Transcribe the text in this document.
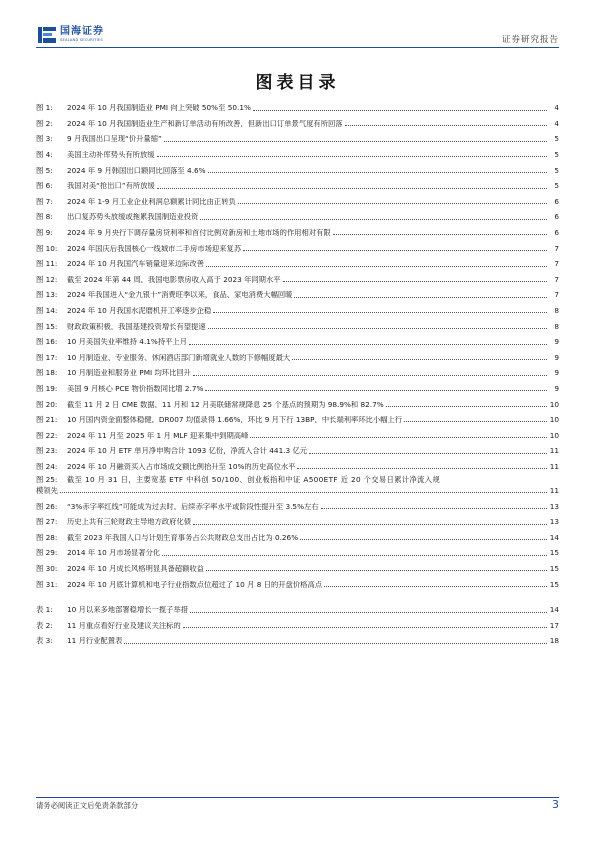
国海证券
SEALAND SECURITIES	证券研究报告
图表目录
图 1:	2024 年 10 月我国制造业 PMI 向上突破 50%至 50.1%	4
图 2:	2024 年 10 月我国制造业生产和新订单活动有所改善，但新出口订单景气度有所回落	4
图 3:	9 月我国出口呈现“价升量缩”	5
图 4:	美国主动补库势头有所放缓	5
图 5:	2024 年 9 月韩国出口额同比回落至 4.6%	5
图 6:	我国对美“抢出口”有所放缓	5
图 7:	2024 年 1-9 月工业企业利润总额累计同比由正转负	6
图 8:	出口复苏势头放缓或拖累我国制造业投资	6
图 9:	2024 年 9 月央行下调存量房贷利率和首付比例对新房和土地市场的作用相对有限	6
图 10:	2024 年国庆后我国核心一线城市二手房市场迎来复苏	7
图 11:	2024 年 10 月我国汽车销量迎来边际改善	7
图 12:	截至 2024 年第 44 周，我国电影票房收入高于 2023 年同期水平	7
图 13:	2024 年我国进入“金九银十”消费旺季以来，食品、家电消费大幅回暖	7
图 14:	2024 年 10 月我国水泥磨机开工率逐步企稳	8
图 15:	财政政策积极，我国基建投资增长有望提速	8
图 16:	10 月美国失业率维持 4.1%持平上月	9
图 17:	10 月制造业、专业服务、休闲酒店部门新增就业人数的下修幅度最大	9
图 18:	10 月制造业和服务业 PMI 均环比回升	9
图 19:	美国 9 月核心 PCE 物价指数同比增 2.7%	9
图 20:	截至 11 月 2 日 CME 数据，11 月和 12 月美联储常规降息 25 个基点的预期为 98.9%和 82.7%	10
图 21:	10 月国内资金面整体稳健，DR007 均值录得 1.66%，环比 9 月下行 13BP，中长端利率环比小幅上行	10
图 22:	2024 年 11 月至 2025 年 1 月 MLF 迎来集中到期高峰	10
图 23:	2024 年 10 月 ETF 单月净申购合计 1093 亿份，净流入合计 441.3 亿元	11
图 24:	2024 年 10 月融资买入占市场成交额比例抬升至 10%的历史高位水平	11
图 25:	截至 10 月 31 日，主要宽基 ETF 中科创 50/100、创业板指和中证 A500ETF 近 20 个交易日累计净流入规
模领先	11
图 26:	“3%赤字率红线”可能成为过去时，后续赤字率水平或阶段性提升至 3.5%左右	13
图 27:	历史上共有三轮财政主导地方政府化债	13
图 28:	截至 2023 年我国人口与计划生育事务占公共财政总支出占比为 0.26%	14
图 29:	2014 年 10 月市场显著分化	15
图 30:	2024 年 10 月成长风格明显具备超额收益	15
图 31:	2024 年 10 月底计算机和电子行业指数点位超过了 10 月 8 日的开盘价格高点	15
表 1:	10 月以来多地部署稳增长一揽子举措	14
表 2:	11 月重点看好行业及建议关注标的	17
表 3:	11 月行业配置表	18
请务必阅读正文后免责条款部分	3
